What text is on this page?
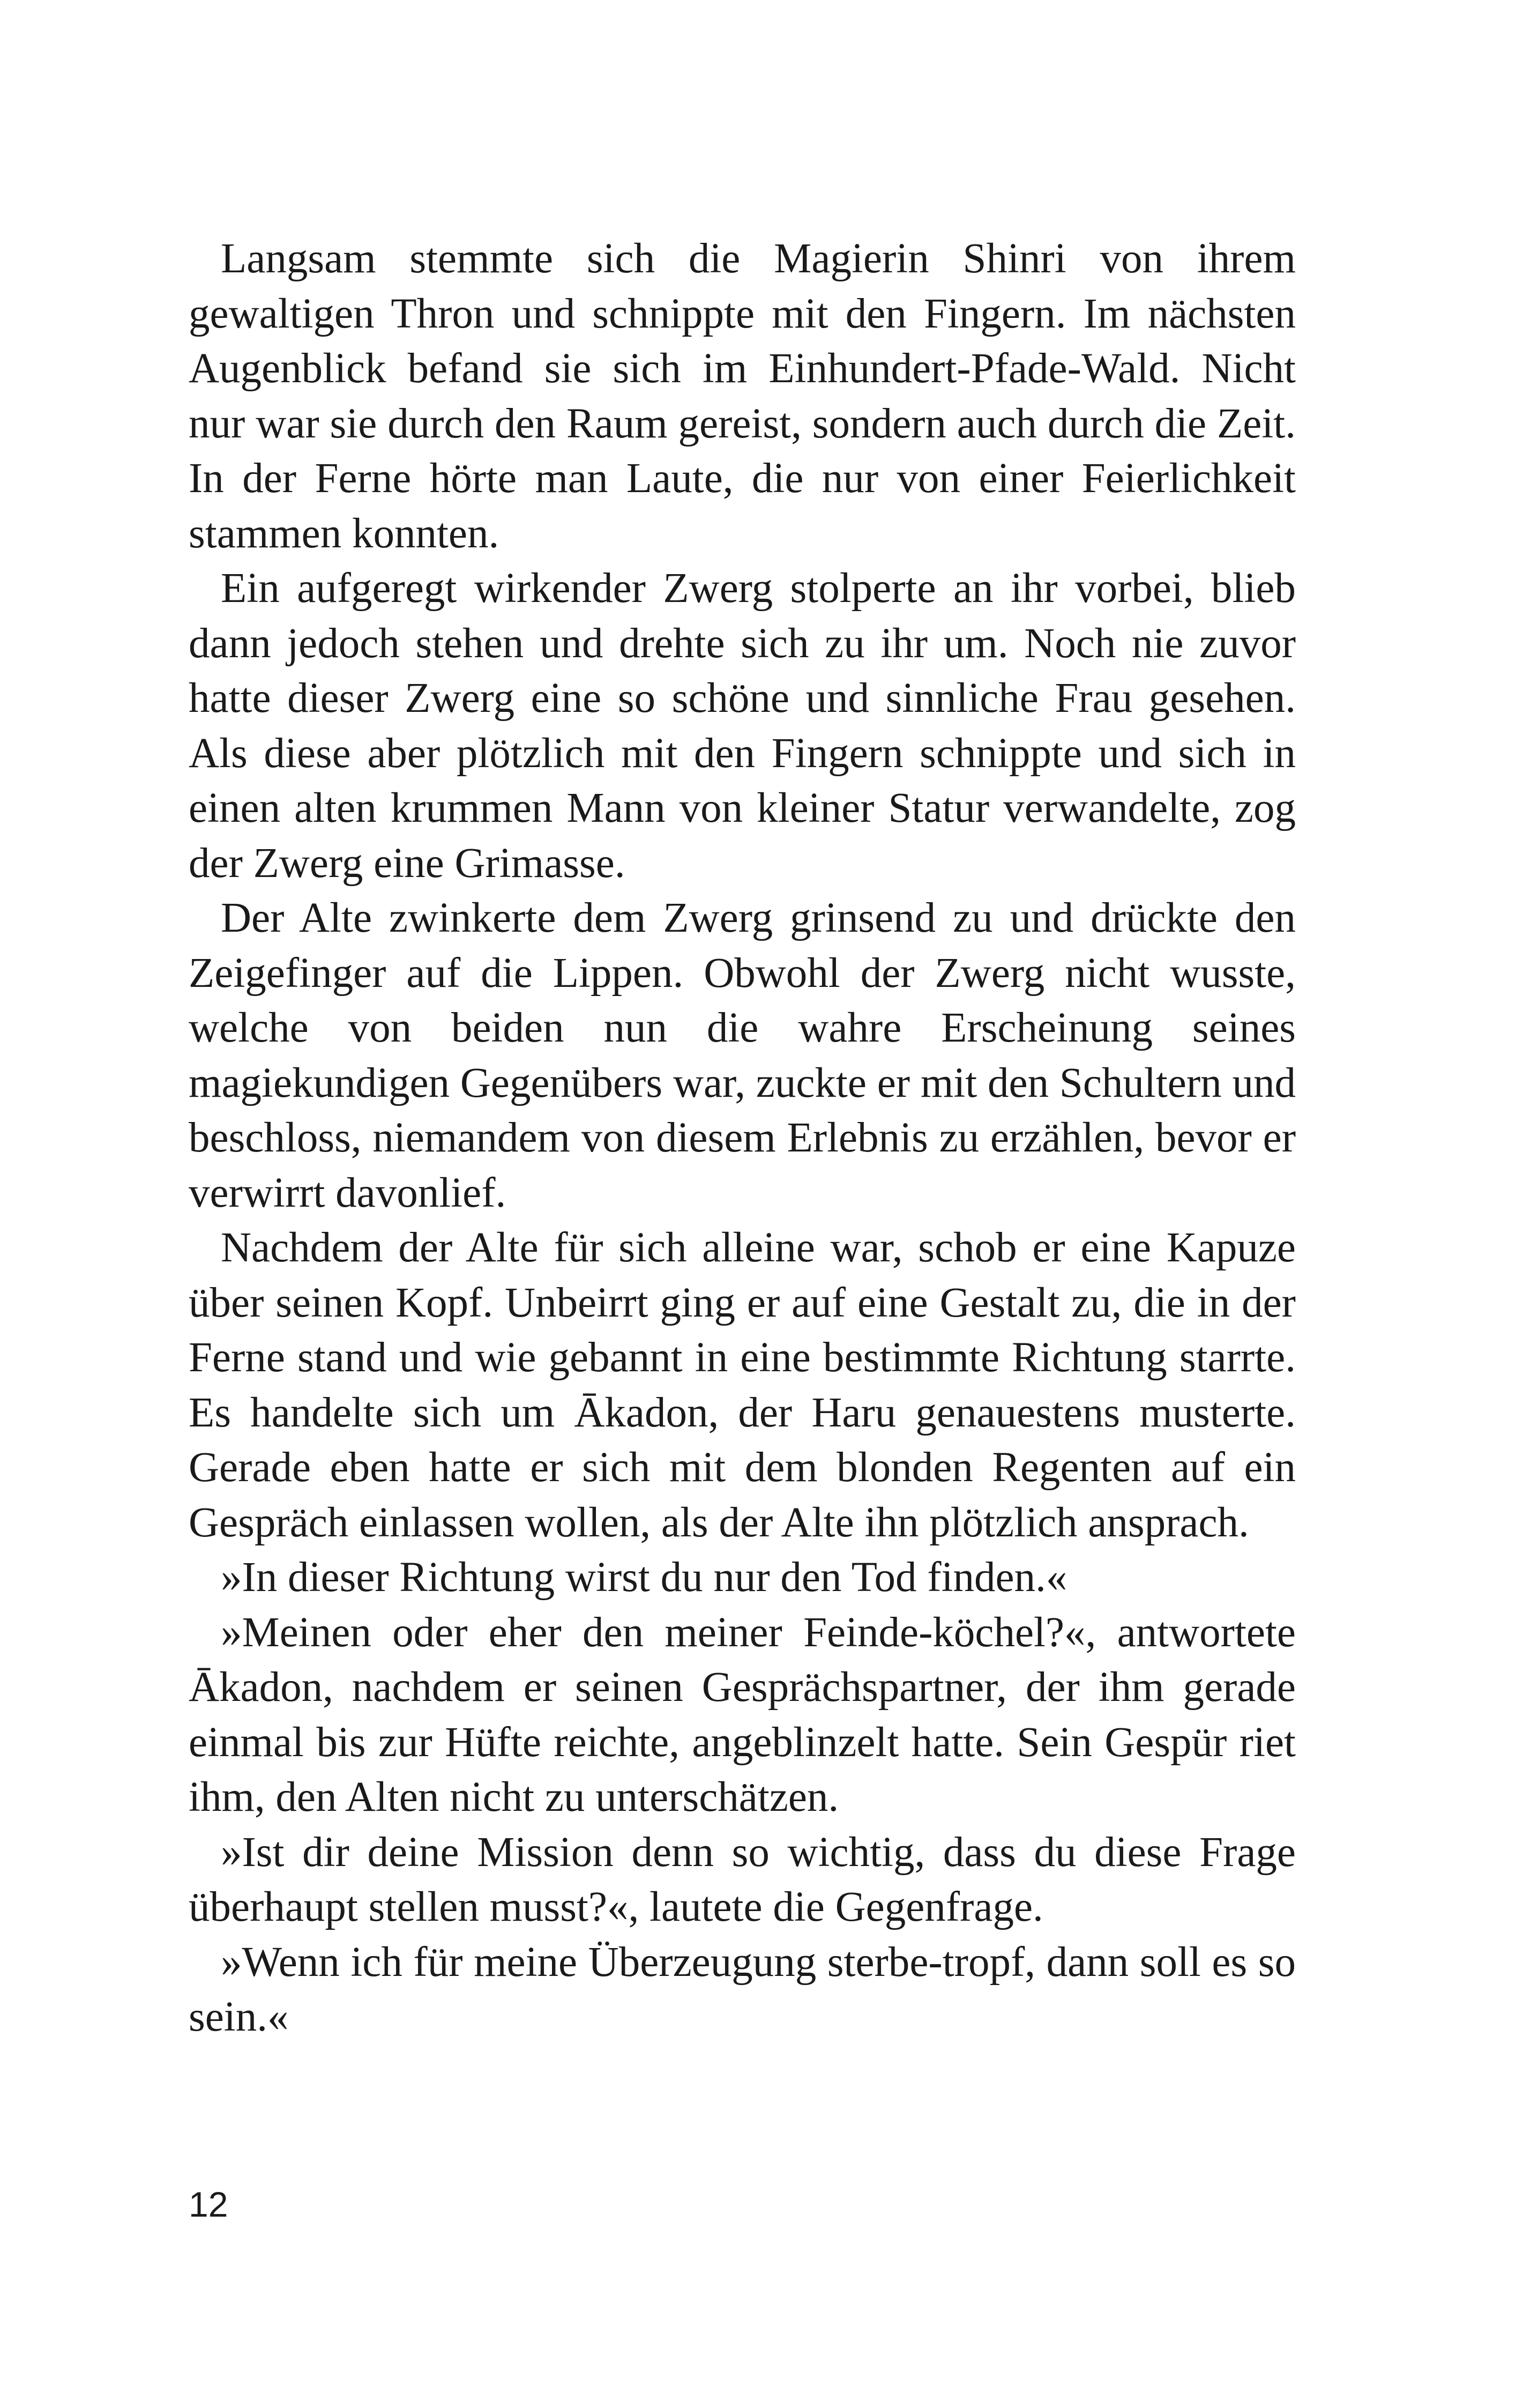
Langsam stemmte sich die Magierin Shinri von ihrem gewaltigen Thron und schnippte mit den Fingern. Im nächsten Augenblick befand sie sich im Einhundert-Pfade-Wald. Nicht nur war sie durch den Raum gereist, sondern auch durch die Zeit. In der Ferne hörte man Laute, die nur von einer Feierlichkeit stammen konnten.

Ein aufgeregt wirkender Zwerg stolperte an ihr vorbei, blieb dann jedoch stehen und drehte sich zu ihr um. Noch nie zuvor hatte dieser Zwerg eine so schöne und sinnliche Frau gesehen. Als diese aber plötzlich mit den Fingern schnippte und sich in einen alten krummen Mann von kleiner Statur verwandelte, zog der Zwerg eine Grimasse.

Der Alte zwinkerte dem Zwerg grinsend zu und drückte den Zeigefinger auf die Lippen. Obwohl der Zwerg nicht wusste, welche von beiden nun die wahre Erscheinung seines magiekundigen Gegenübers war, zuckte er mit den Schultern und beschloss, niemandem von diesem Erlebnis zu erzählen, bevor er verwirrt davonlief.

Nachdem der Alte für sich alleine war, schob er eine Kapuze über seinen Kopf. Unbeirrt ging er auf eine Gestalt zu, die in der Ferne stand und wie gebannt in eine bestimmte Richtung starrte. Es handelte sich um Ākadon, der Haru genauestens musterte. Gerade eben hatte er sich mit dem blonden Regenten auf ein Gespräch einlassen wollen, als der Alte ihn plötzlich ansprach.

»In dieser Richtung wirst du nur den Tod finden.«

»Meinen oder eher den meiner Feinde-köchel?«, antwortete Ākadon, nachdem er seinen Gesprächspartner, der ihm gerade einmal bis zur Hüfte reichte, angeblinzelt hatte. Sein Gespür riet ihm, den Alten nicht zu unterschätzen.

»Ist dir deine Mission denn so wichtig, dass du diese Frage überhaupt stellen musst?«, lautete die Gegenfrage.

»Wenn ich für meine Überzeugung sterbe-tropf, dann soll es so sein.«

12
